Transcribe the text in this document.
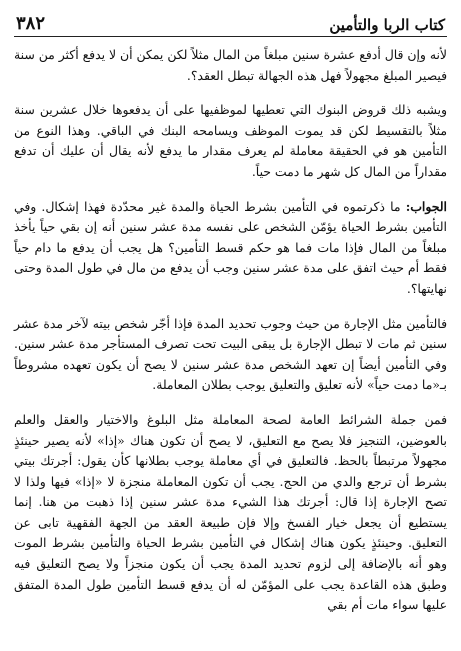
كتاب الربا والتأمين
٣٨٢

لأنه وإن قال أدفع عشرة سنين مبلغاً من المال مثلاً لكن يمكن أن لا يدفع أكثر من سنة فيصير المبلغ مجهولاً فهل هذه الجهالة تبطل العقد؟.

ويشبه ذلك قروض البنوك التي تعطيها لموظفيها على أن يدفعوها خلال عشرين سنة مثلاً بالتقسيط لكن قد يموت الموظف ويسامحه البنك في الباقي. وهذا النوع من التأمين هو في الحقيقة معاملة لم يعرف مقدار ما يدفع لأنه يقال أن عليك أن تدفع مقداراً من المال كل شهر ما دمت حياً.

الجواب: ما ذكرتموه في التأمين بشرط الحياة والمدة غير محدّدة فهذا إشكال. وفي التأمين بشرط الحياة يؤمّن الشخص على نفسه مدة عشر سنين أنه إن بقي حياً يأخذ مبلغاً من المال فإذا مات فما هو حكم قسط التأمين؟ هل يجب أن يدفع ما دام حياً فقط أم حيث اتفق على مدة عشر سنين وجب أن يدفع من مال في طول المدة وحتى نهايتها؟.

فالتأمين مثل الإجارة من حيث وجوب تحديد المدة فإذا أجّر شخص بيته لآخر مدة عشر سنين ثم مات لا تبطل الإجارة بل يبقى البيت تحت تصرف المستأجر مدة عشر سنين. وفي التأمين أيضاً إن تعهد الشخص مدة عشر سنين لا يصح أن يكون تعهده مشروطاً بـ«ما دمت حياً» لأنه تعليق والتعليق يوجب بطلان المعاملة.

فمن جملة الشرائط العامة لصحة المعاملة مثل البلوغ والاختيار والعقل والعلم بالعوضين، التنجيز فلا يصح مع التعليق، لا يصح أن تكون هناك «إذا» لأنه يصير حينئذٍ مجهولاً مرتبطاً بالحظ. فالتعليق في أي معاملة يوجب بطلانها كأن يقول: أجرتك بيتي بشرط أن ترجع والدي من الحج. يجب أن تكون المعاملة منجزة لا «إذا» فيها ولذا لا تصح الإجارة إذا قال: أجرتك هذا الشيء مدة عشر سنين إذا ذهبت من هنا. إنما يستطيع أن يجعل خيار الفسخ وإلا فإن طبيعة العقد من الجهة الفقهية تابى عن التعليق. وحينئذٍ يكون هناك إشكال في التأمين بشرط الحياة والتأمين بشرط الموت وهو أنه بالإضافة إلى لزوم تحديد المدة يجب أن يكون منجزاً ولا يصح التعليق فيه وطبق هذه القاعدة يجب على المؤمّن له أن يدفع قسط التأمين طول المدة المتفق عليها سواء مات أم بقي
